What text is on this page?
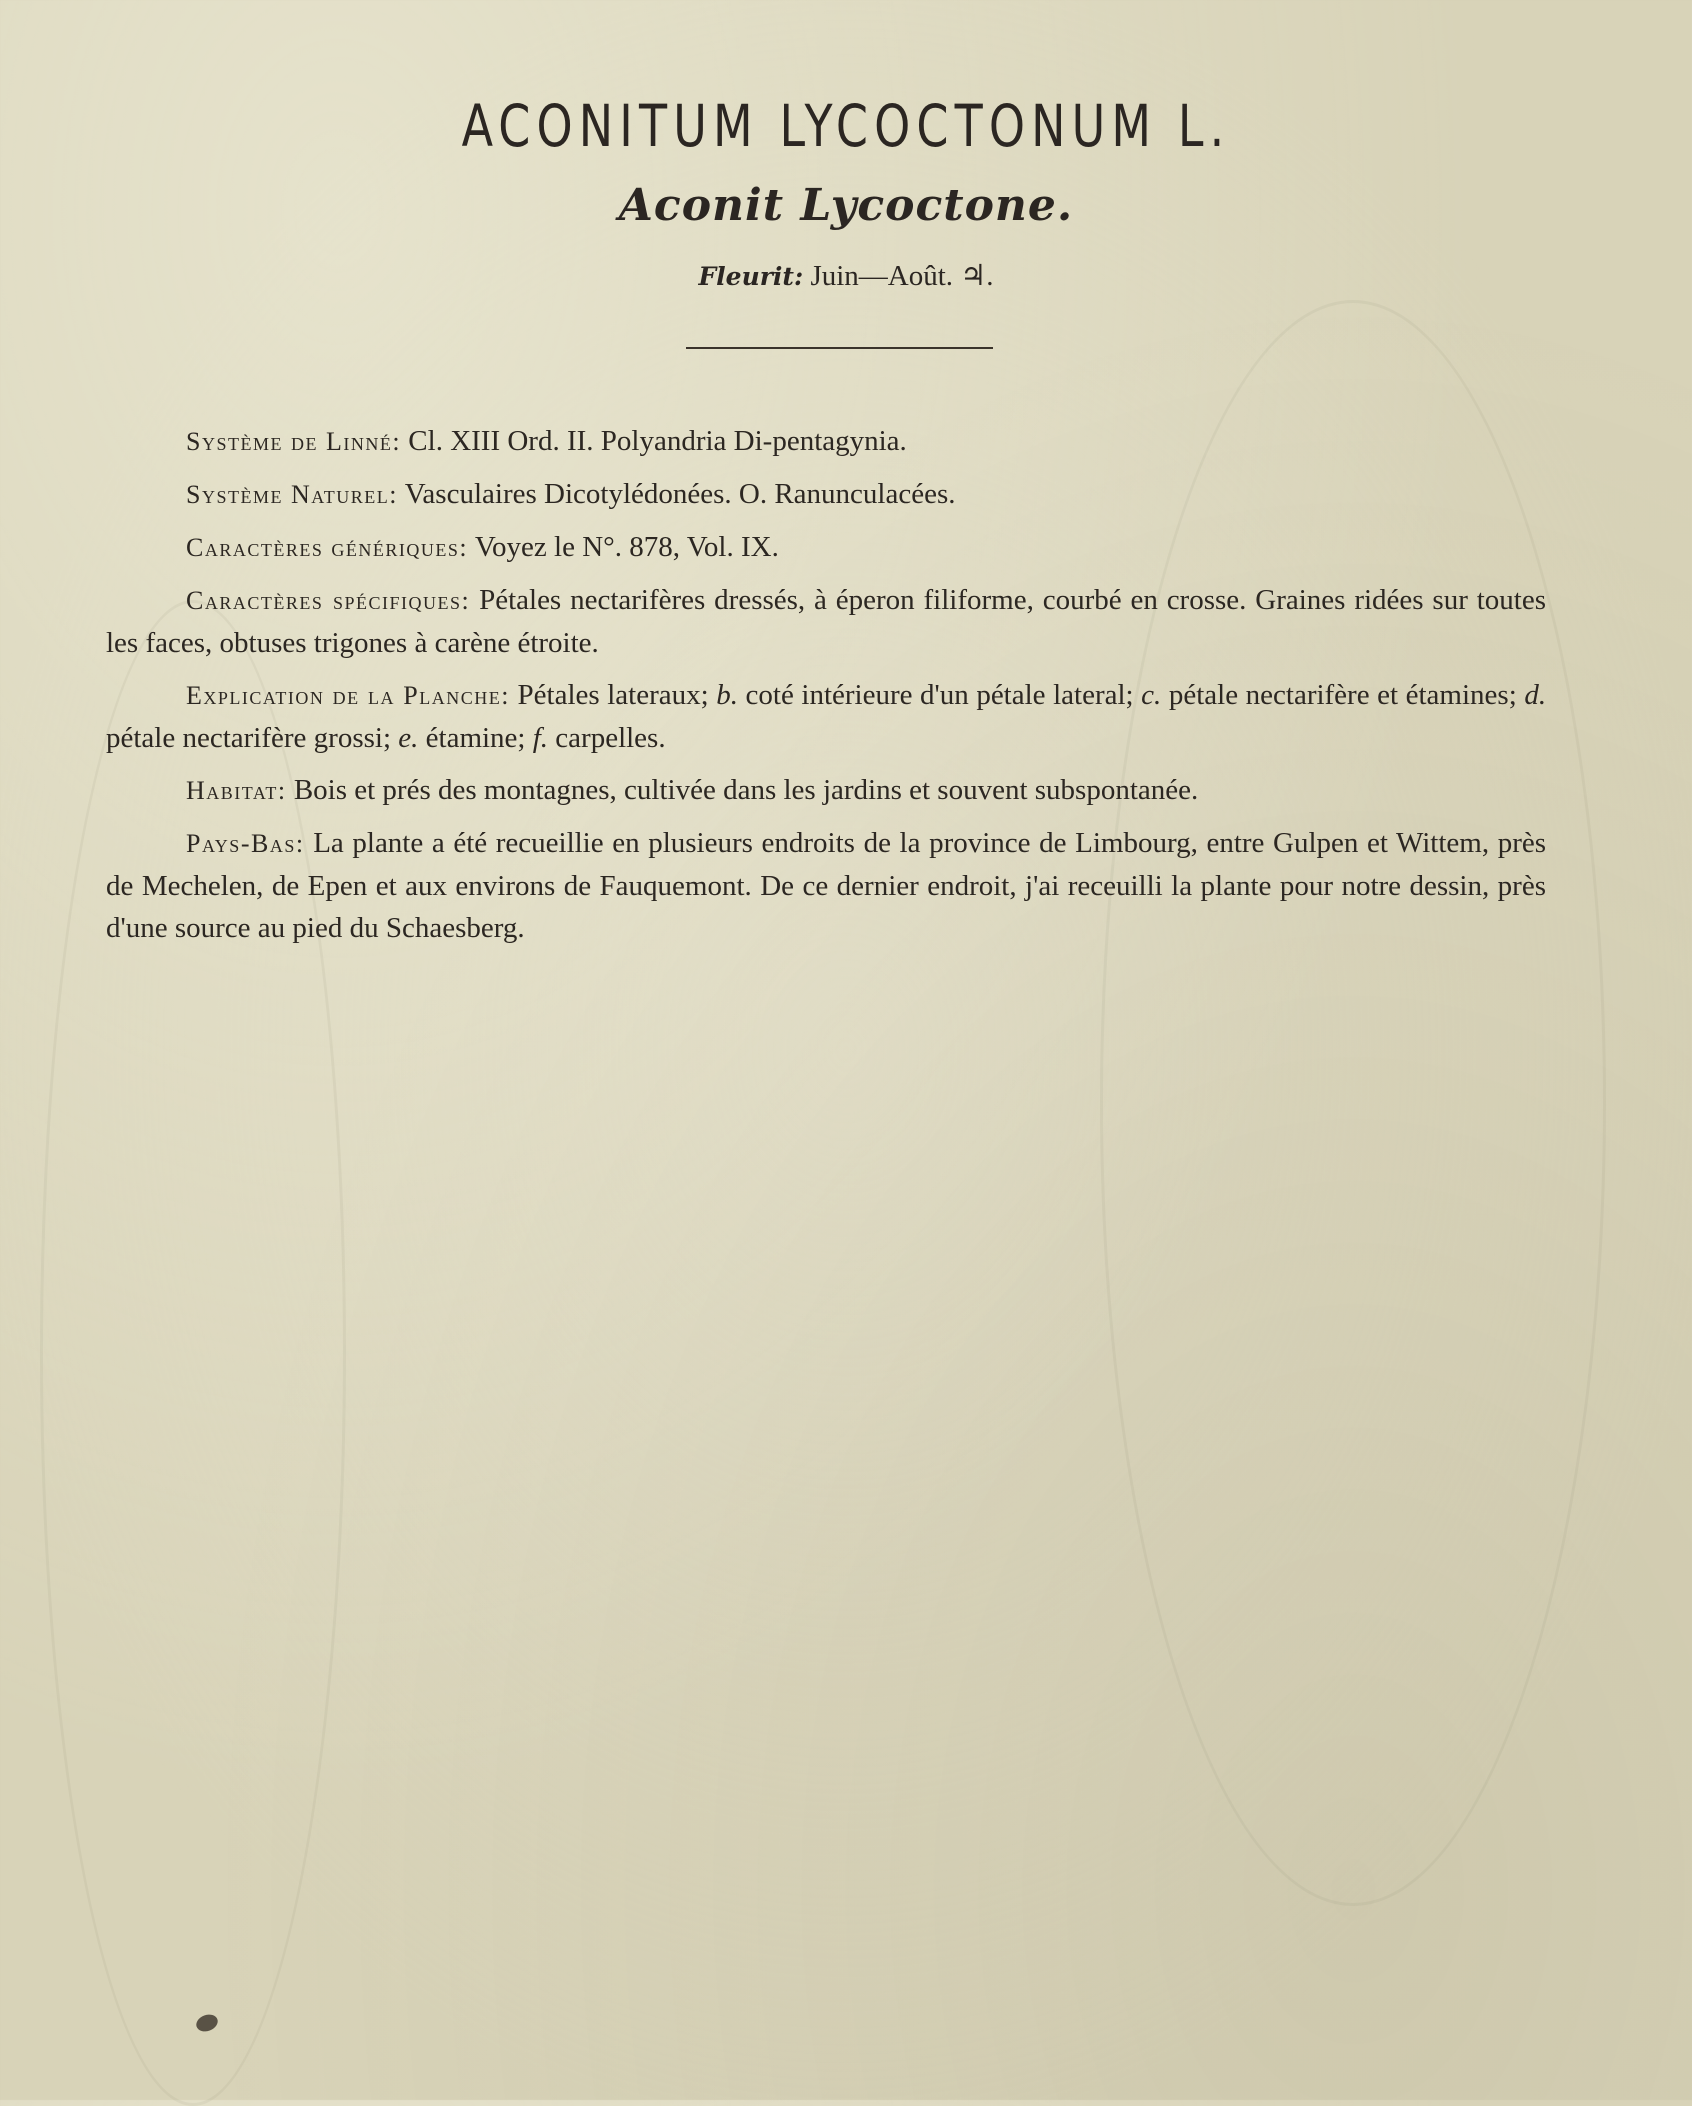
ACONITUM LYCOCTONUM L.
Aconit Lycoctone.
Fleurit: Juin—Août. ♃.

Système de Linné: Cl. XIII Ord. II. Polyandria Di-pentagynia.

Système Naturel: Vasculaires Dicotylédonées. O. Ranunculacées.

Caractères génériques: Voyez le N°. 878, Vol. IX.

Caractères spécifiques: Pétales nectarifères dressés, à éperon filiforme, courbé en crosse. Graines ridées sur toutes les faces, obtuses trigones à carène étroite.

Explication de la Planche: Pétales lateraux; b. coté intérieure d'un pétale lateral; c. pétale nectarifère et étamines; d. pétale nectarifère grossi; e. étamine; f. carpelles.

Habitat: Bois et prés des montagnes, cultivée dans les jardins et souvent subspontanée.

Pays-Bas: La plante a été recueillie en plusieurs endroits de la province de Limbourg, entre Gulpen et Wittem, près de Mechelen, de Epen et aux environs de Fauquemont. De ce dernier endroit, j'ai receuilli la plante pour notre dessin, près d'une source au pied du Schaesberg.
